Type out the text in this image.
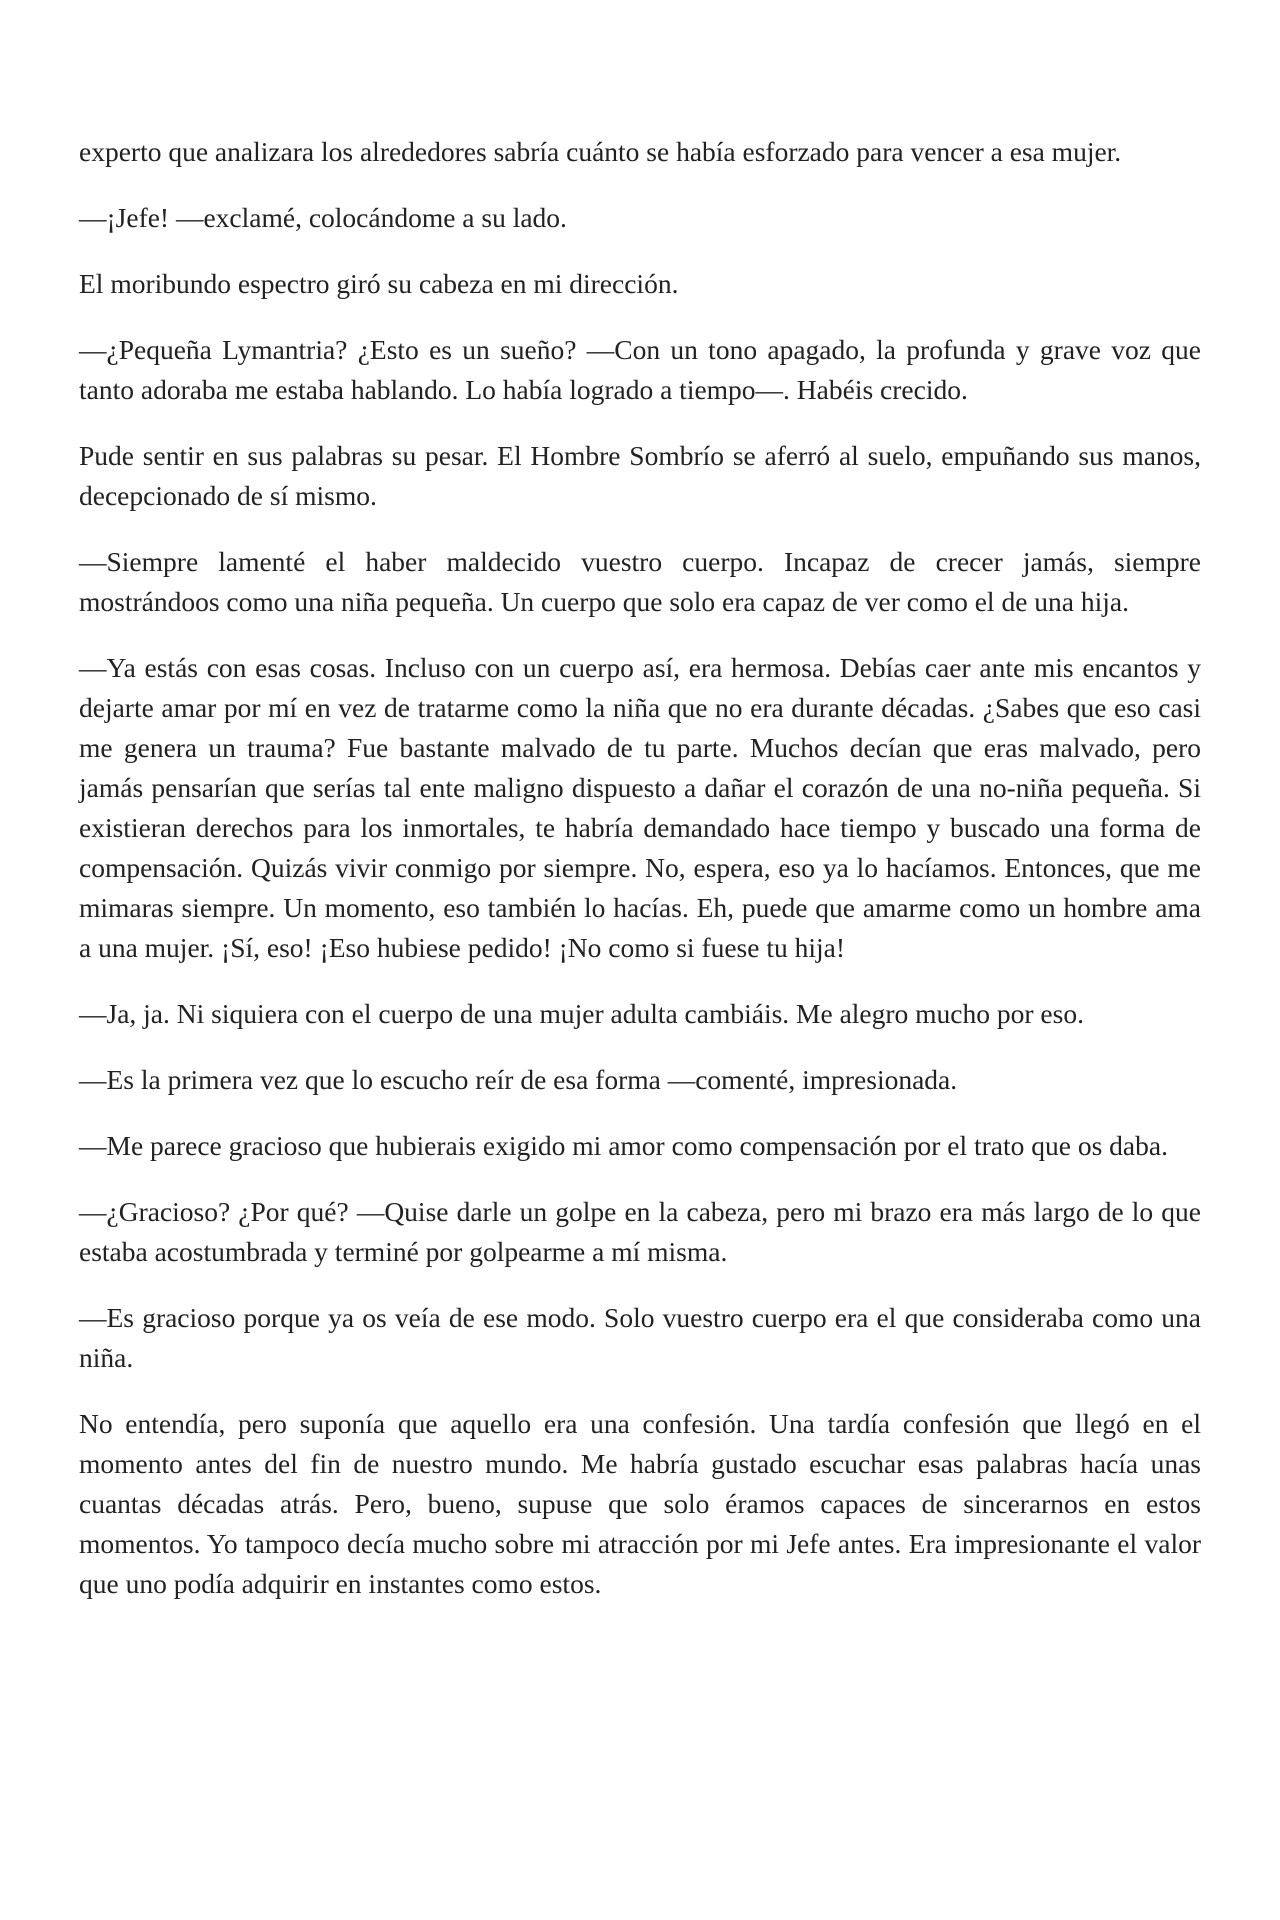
experto que analizara los alrededores sabría cuánto se había esforzado para vencer a esa mujer.

—¡Jefe! —exclamé, colocándome a su lado.

El moribundo espectro giró su cabeza en mi dirección.

—¿Pequeña Lymantria? ¿Esto es un sueño? —Con un tono apagado, la profunda y grave voz que tanto adoraba me estaba hablando. Lo había logrado a tiempo—. Habéis crecido.

Pude sentir en sus palabras su pesar. El Hombre Sombrío se aferró al suelo, empuñando sus manos, decepcionado de sí mismo.

—Siempre lamenté el haber maldecido vuestro cuerpo. Incapaz de crecer jamás, siempre mostrándoos como una niña pequeña. Un cuerpo que solo era capaz de ver como el de una hija.

—Ya estás con esas cosas. Incluso con un cuerpo así, era hermosa. Debías caer ante mis encantos y dejarte amar por mí en vez de tratarme como la niña que no era durante décadas. ¿Sabes que eso casi me genera un trauma? Fue bastante malvado de tu parte. Muchos decían que eras malvado, pero jamás pensarían que serías tal ente maligno dispuesto a dañar el corazón de una no-niña pequeña. Si existieran derechos para los inmortales, te habría demandado hace tiempo y buscado una forma de compensación. Quizás vivir conmigo por siempre. No, espera, eso ya lo hacíamos. Entonces, que me mimaras siempre. Un momento, eso también lo hacías. Eh, puede que amarme como un hombre ama a una mujer. ¡Sí, eso! ¡Eso hubiese pedido! ¡No como si fuese tu hija!

—Ja, ja. Ni siquiera con el cuerpo de una mujer adulta cambiáis. Me alegro mucho por eso.

—Es la primera vez que lo escucho reír de esa forma —comenté, impresionada.

—Me parece gracioso que hubierais exigido mi amor como compensación por el trato que os daba.

—¿Gracioso? ¿Por qué? —Quise darle un golpe en la cabeza, pero mi brazo era más largo de lo que estaba acostumbrada y terminé por golpearme a mí misma.

—Es gracioso porque ya os veía de ese modo. Solo vuestro cuerpo era el que consideraba como una niña.

No entendía, pero suponía que aquello era una confesión. Una tardía confesión que llegó en el momento antes del fin de nuestro mundo. Me habría gustado escuchar esas palabras hacía unas cuantas décadas atrás. Pero, bueno, supuse que solo éramos capaces de sincerarnos en estos momentos. Yo tampoco decía mucho sobre mi atracción por mi Jefe antes. Era impresionante el valor que uno podía adquirir en instantes como estos.
